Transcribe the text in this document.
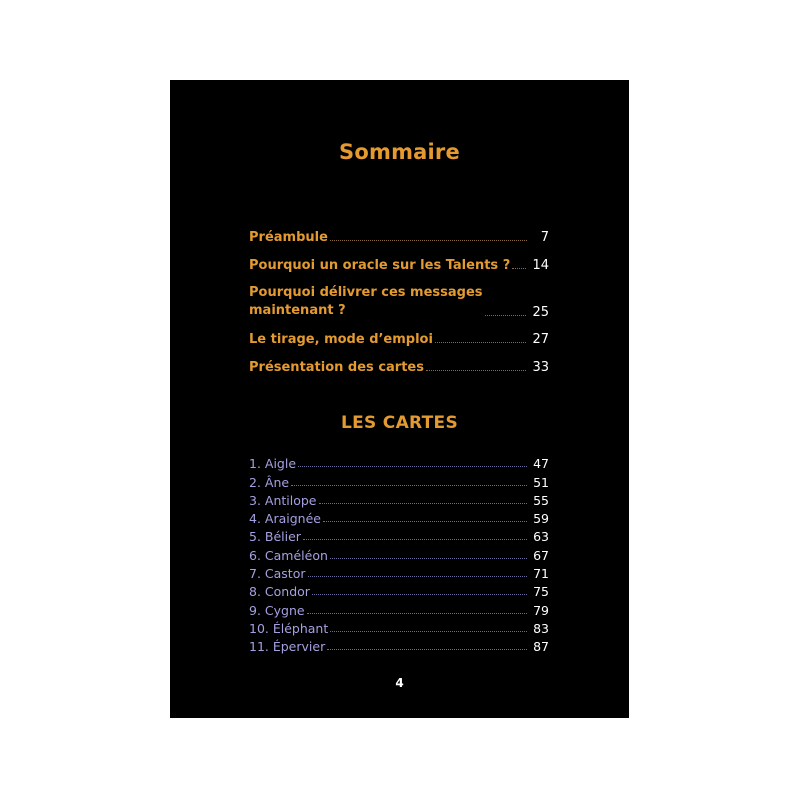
Sommaire
Préambule	7
Pourquoi un oracle sur les Talents ? 14
Pourquoi délivrer ces messages
maintenant ?	25
Le tirage, mode d’emploi	27
Présentation des cartes	33
LES CARTES
1. Aigle	47
2. Âne	51
3. Antilope	55
4. Araignée	59
5. Bélier	63
6. Caméléon	67
7. Castor	71
8. Condor	75
9. Cygne	79
10. Éléphant	83
11. Épervier	87
4
